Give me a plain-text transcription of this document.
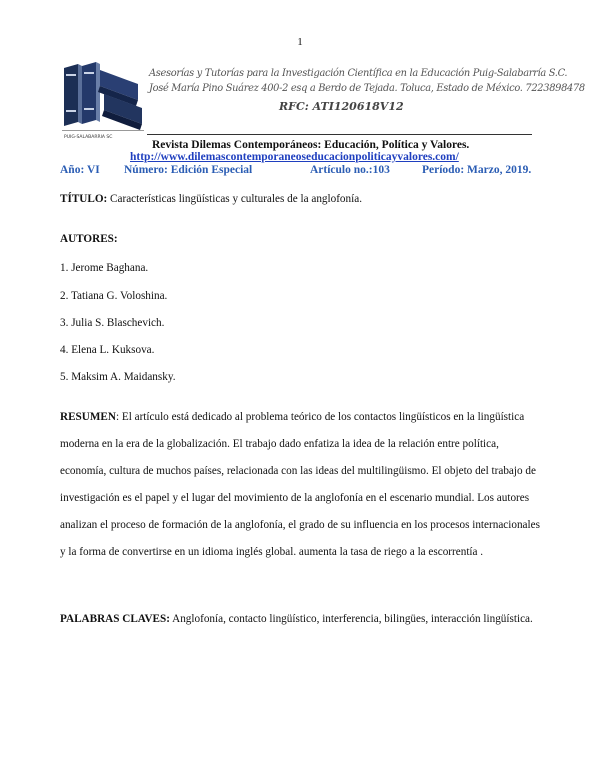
1
PUIG-SALABARRIA SC
Asesorías y Tutorías para la Investigación Científica en la Educación Puig-Salabarría S.C.
José María Pino Suárez 400-2 esq a Berdo de Tejada. Toluca, Estado de México. 7223898478
RFC: ATI120618V12
Revista Dilemas Contemporáneos: Educación, Política y Valores.
http://www.dilemascontemporaneoseducacionpoliticayvalores.com/
Año: VI Número: Edición Especial	Artículo no.:103	Período: Marzo, 2019.
TÍTULO: Características lingüísticas y culturales de la anglofonía.
AUTORES:
1. Jerome Baghana.
2. Tatiana G. Voloshina.
3. Julia S. Blaschevich.
4. Elena L. Kuksova.
5. Maksim A. Maidansky.
RESUMEN: El artículo está dedicado al problema teórico de los contactos lingüísticos en la lingüística moderna en la era de la globalización. El trabajo dado enfatiza la idea de la relación entre política, economía, cultura de muchos países, relacionada con las ideas del multilingüismo. El objeto del trabajo de investigación es el papel y el lugar del movimiento de la anglofonía en el escenario mundial. Los autores analizan el proceso de formación de la anglofonía, el grado de su influencia en los procesos internacionales y la forma de convertirse en un idioma inglés global. aumenta la tasa de riego a la escorrentía .
PALABRAS CLAVES: Anglofonía, contacto lingüístico, interferencia, bilingües, interacción lingüística.
